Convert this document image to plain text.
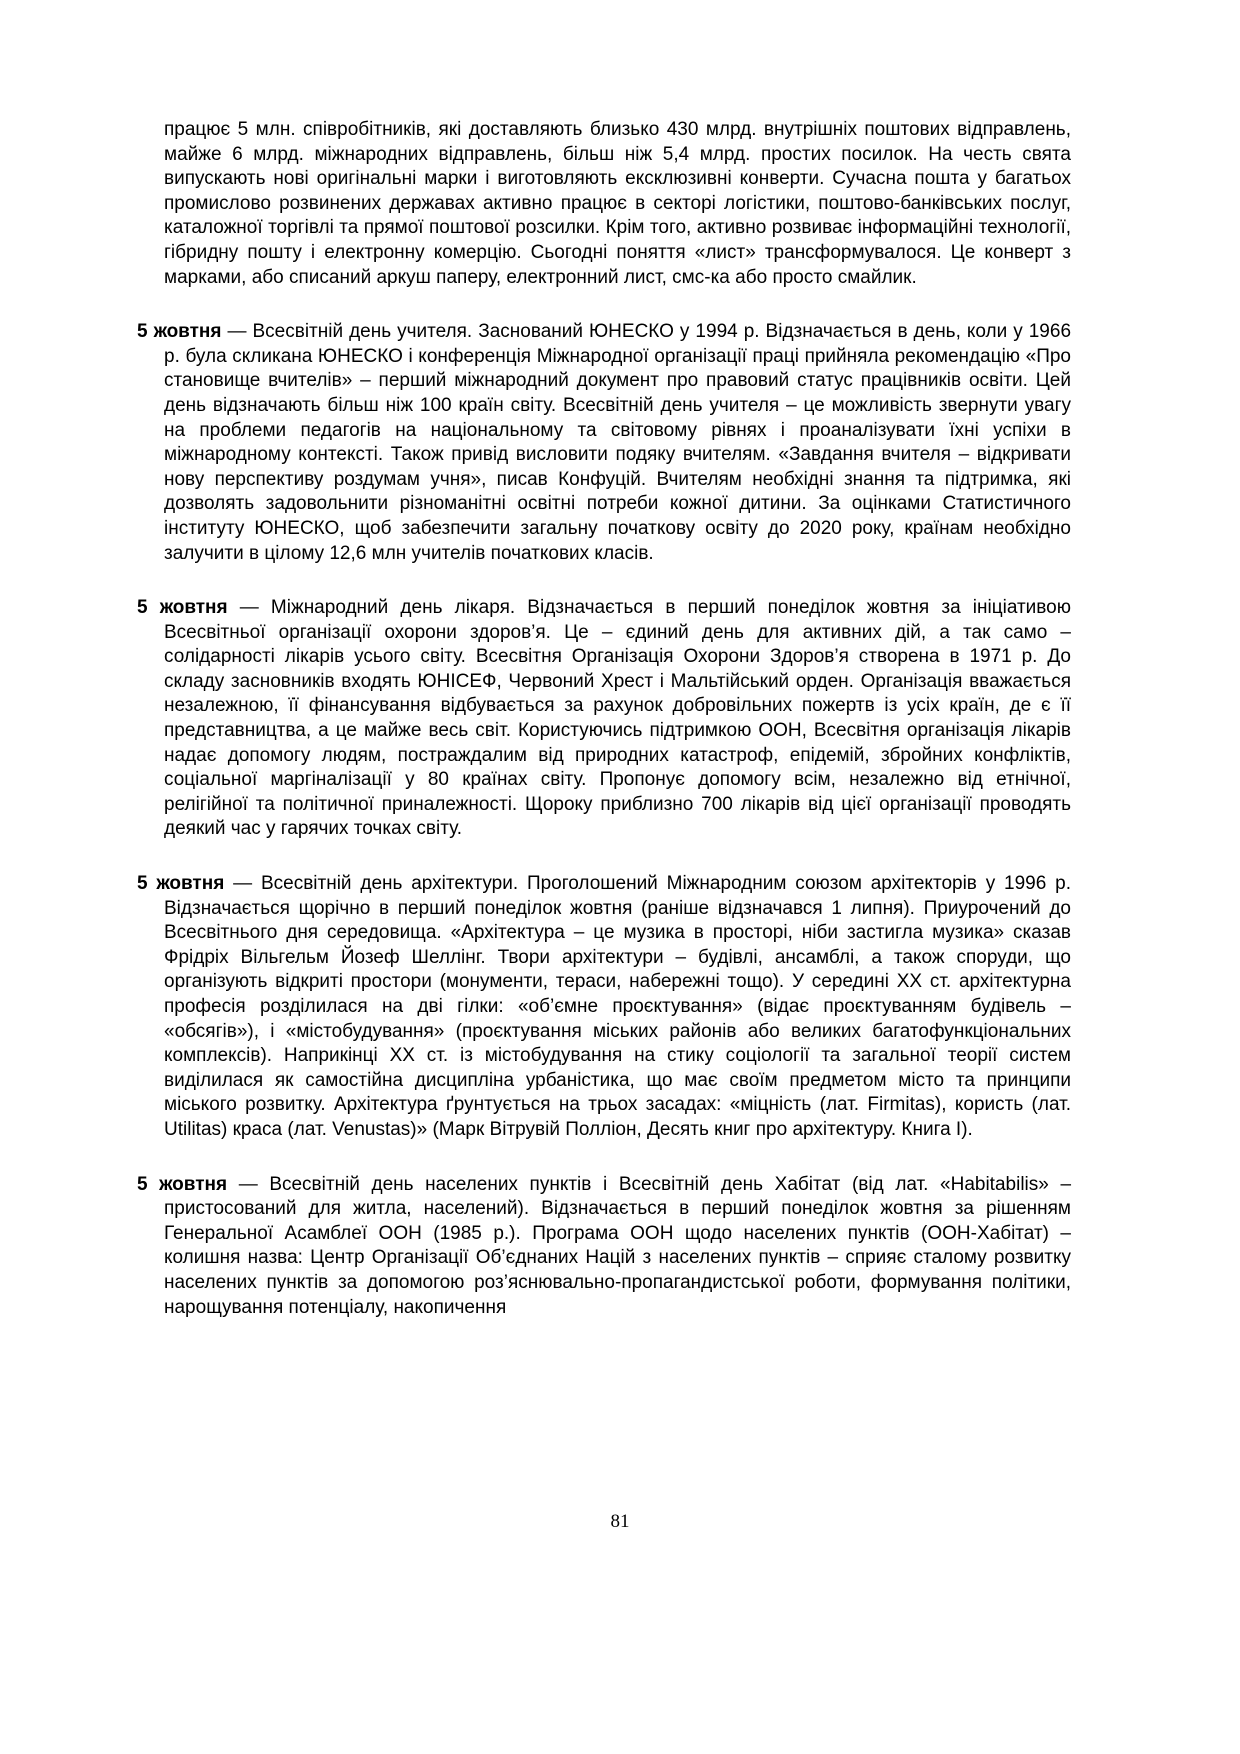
працює 5 млн. співробітників, які доставляють близько 430 млрд. внутрішніх поштових відправлень, майже 6 млрд. міжнародних відправлень, більш ніж 5,4 млрд. простих посилок. На честь свята випускають нові оригінальні марки і виготовляють ексклюзивні конверти. Сучасна пошта у багатьох промислово розвинених державах активно працює в секторі логістики, поштово-банківських послуг, каталожної торгівлі та прямої поштової розсилки. Крім того, активно розвиває інформаційні технології, гібридну пошту і електронну комерцію. Сьогодні поняття «лист» трансформувалося. Це конверт з марками, або списаний аркуш паперу, електронний лист, смс-ка або просто смайлик.

5 жовтня — Всесвітній день учителя. Заснований ЮНЕСКО у 1994 р. Відзначається в день, коли у 1966 р. була скликана ЮНЕСКО і конференція Міжнародної організації праці прийняла рекомендацію «Про становище вчителів» – перший міжнародний документ про правовий статус працівників освіти. Цей день відзначають більш ніж 100 країн світу. Всесвітній день учителя – це можливість звернути увагу на проблеми педагогів на національному та світовому рівнях і проаналізувати їхні успіхи в міжнародному контексті. Також привід висловити подяку вчителям. «Завдання вчителя – відкривати нову перспективу роздумам учня», писав Конфуцій. Вчителям необхідні знання та підтримка, які дозволять задовольнити різноманітні освітні потреби кожної дитини. За оцінками Статистичного інституту ЮНЕСКО, щоб забезпечити загальну початкову освіту до 2020 року, країнам необхідно залучити в цілому 12,6 млн учителів початкових класів.

5 жовтня — Міжнародний день лікаря. Відзначається в перший понеділок жовтня за ініціативою Всесвітньої організації охорони здоров’я. Це – єдиний день для активних дій, а так само – солідарності лікарів усього світу. Всесвітня Організація Охорони Здоров’я створена в 1971 р. До складу засновників входять ЮНІСЕФ, Червоний Хрест і Мальтійський орден. Організація вважається незалежною, її фінансування відбувається за рахунок добровільних пожертв із усіх країн, де є її представництва, а це майже весь світ. Користуючись підтримкою ООН, Всесвітня організація лікарів надає допомогу людям, постраждалим від природних катастроф, епідемій, збройних конфліктів, соціальної маргіналізації у 80 країнах світу. Пропонує допомогу всім, незалежно від етнічної, релігійної та політичної приналежності. Щороку приблизно 700 лікарів від цієї організації проводять деякий час у гарячих точках світу.

5 жовтня — Всесвітній день архітектури. Проголошений Міжнародним союзом архітекторів у 1996 р. Відзначається щорічно в перший понеділок жовтня (раніше відзначався 1 липня). Приурочений до Всесвітнього дня середовища. «Архітектура – це музика в просторі, ніби застигла музика» сказав Фрідріх Вільгельм Йозеф Шеллінг. Твори архітектури – будівлі, ансамблі, а також споруди, що організують відкриті простори (монументи, тераси, набережні тощо). У середині ХХ ст. архітектурна професія розділилася на дві гілки: «об’ємне проєктування» (відає проєктуванням будівель – «обсягів»), і «містобудування» (проєктування міських районів або великих багатофункціональних комплексів). Наприкінці ХХ ст. із містобудування на стику соціології та загальної теорії систем виділилася як самостійна дисципліна урбаністика, що має своїм предметом місто та принципи міського розвитку. Архітектура ґрунтується на трьох засадах: «міцність (лат. Firmitas), користь (лат. Utilitas) краса (лат. Venustas)» (Марк Вітрувій Полліон, Десять книг про архітектуру. Книга I).

5 жовтня — Всесвітній день населених пунктів і Всесвітній день Хабітат (від лат. «Habitabilis» – пристосований для житла, населений). Відзначається в перший понеділок жовтня за рішенням Генеральної Асамблеї ООН (1985 р.). Програма ООН щодо населених пунктів (ООН-Хабітат) – колишня назва: Центр Організації Об’єднаних Націй з населених пунктів – сприяє сталому розвитку населених пунктів за допомогою роз’яснювально-пропагандистської роботи, формування політики, нарощування потенціалу, накопичення

81
